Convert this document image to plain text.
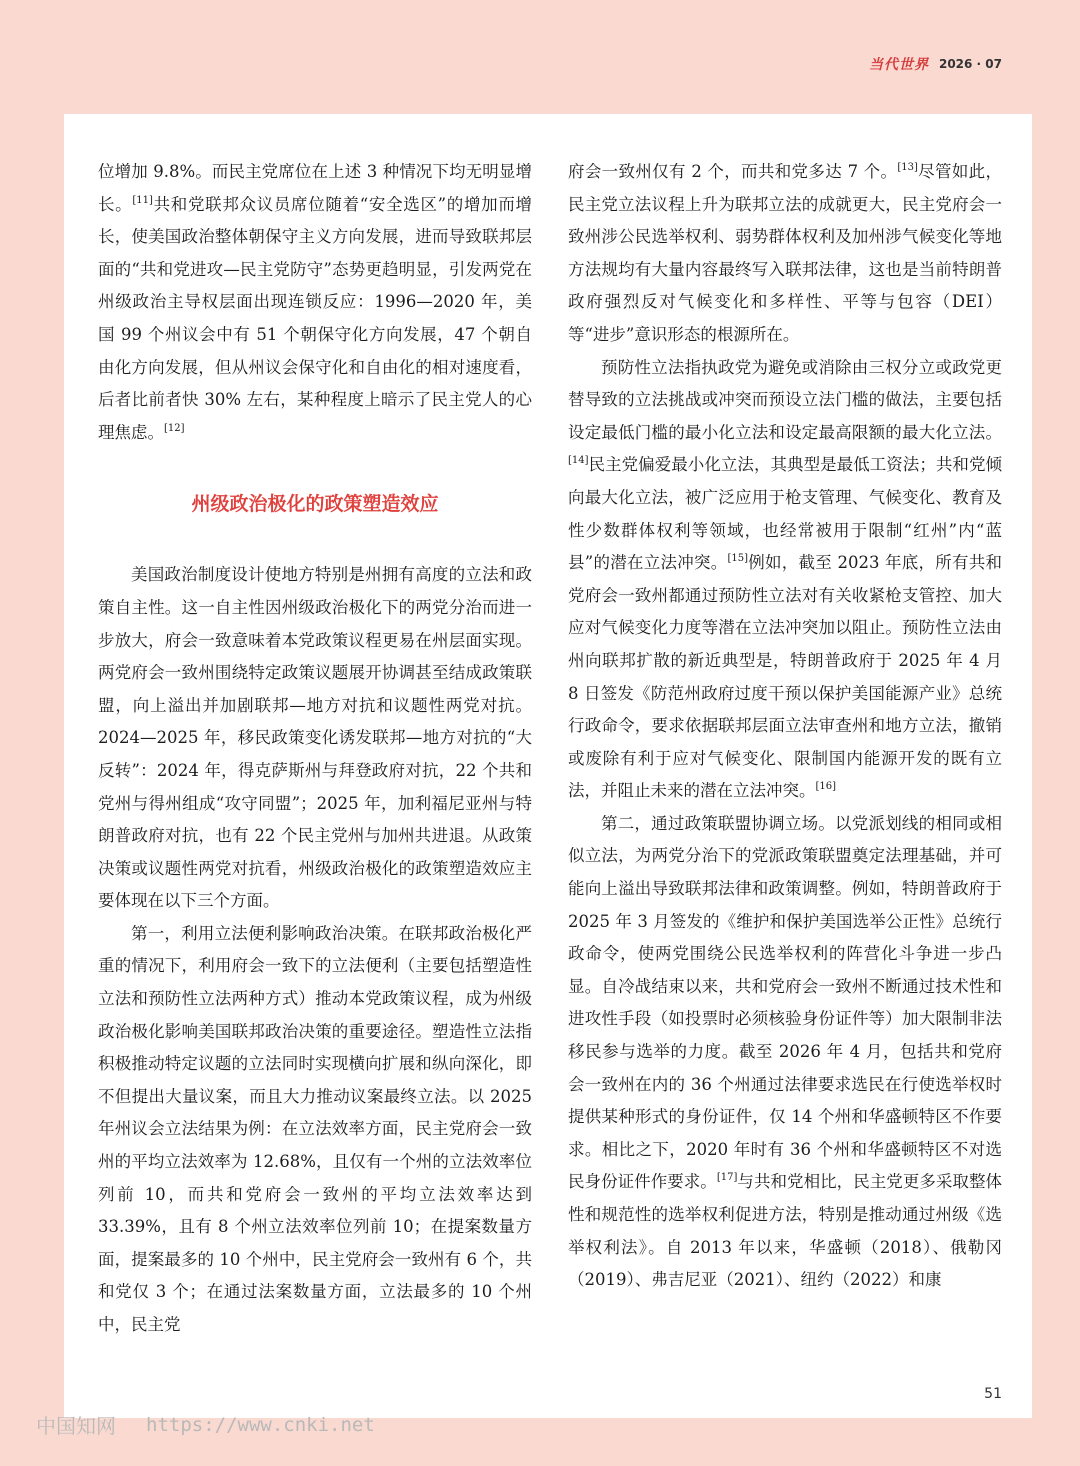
当代世界 2026 · 07

位增加 9.8%。而民主党席位在上述 3 种情况下均无明显增长。[11]共和党联邦众议员席位随着“安全选区”的增加而增长，使美国政治整体朝保守主义方向发展，进而导致联邦层面的“共和党进攻—民主党防守”态势更趋明显，引发两党在州级政治主导权层面出现连锁反应：1996—2020 年，美国 99 个州议会中有 51 个朝保守化方向发展，47 个朝自由化方向发展，但从州议会保守化和自由化的相对速度看，后者比前者快 30% 左右，某种程度上暗示了民主党人的心理焦虑。[12]

州级政治极化的政策塑造效应

美国政治制度设计使地方特别是州拥有高度的立法和政策自主性。这一自主性因州级政治极化下的两党分治而进一步放大，府会一致意味着本党政策议程更易在州层面实现。两党府会一致州围绕特定政策议题展开协调甚至结成政策联盟，向上溢出并加剧联邦—地方对抗和议题性两党对抗。2024—2025 年，移民政策变化诱发联邦—地方对抗的“大反转”：2024 年，得克萨斯州与拜登政府对抗，22 个共和党州与得州组成“攻守同盟”；2025 年，加利福尼亚州与特朗普政府对抗，也有 22 个民主党州与加州共进退。从政策决策或议题性两党对抗看，州级政治极化的政策塑造效应主要体现在以下三个方面。

第一，利用立法便利影响政治决策。在联邦政治极化严重的情况下，利用府会一致下的立法便利（主要包括塑造性立法和预防性立法两种方式）推动本党政策议程，成为州级政治极化影响美国联邦政治决策的重要途径。塑造性立法指积极推动特定议题的立法同时实现横向扩展和纵向深化，即不但提出大量议案，而且大力推动议案最终立法。以 2025 年州议会立法结果为例：在立法效率方面，民主党府会一致州的平均立法效率为 12.68%，且仅有一个州的立法效率位列前 10，而共和党府会一致州的平均立法效率达到 33.39%，且有 8 个州立法效率位列前 10；在提案数量方面，提案最多的 10 个州中，民主党府会一致州有 6 个，共和党仅 3 个；在通过法案数量方面，立法最多的 10 个州中，民主党

府会一致州仅有 2 个，而共和党多达 7 个。[13]尽管如此，民主党立法议程上升为联邦立法的成就更大，民主党府会一致州涉公民选举权利、弱势群体权利及加州涉气候变化等地方法规均有大量内容最终写入联邦法律，这也是当前特朗普政府强烈反对气候变化和多样性、平等与包容（DEI）等“进步”意识形态的根源所在。

预防性立法指执政党为避免或消除由三权分立或政党更替导致的立法挑战或冲突而预设立法门槛的做法，主要包括设定最低门槛的最小化立法和设定最高限额的最大化立法。[14]民主党偏爱最小化立法，其典型是最低工资法；共和党倾向最大化立法，被广泛应用于枪支管理、气候变化、教育及性少数群体权利等领域，也经常被用于限制“红州”内“蓝县”的潜在立法冲突。[15]例如，截至 2023 年底，所有共和党府会一致州都通过预防性立法对有关收紧枪支管控、加大应对气候变化力度等潜在立法冲突加以阻止。预防性立法由州向联邦扩散的新近典型是，特朗普政府于 2025 年 4 月 8 日签发《防范州政府过度干预以保护美国能源产业》总统行政命令，要求依据联邦层面立法审查州和地方立法，撤销或废除有利于应对气候变化、限制国内能源开发的既有立法，并阻止未来的潜在立法冲突。[16]

第二，通过政策联盟协调立场。以党派划线的相同或相似立法，为两党分治下的党派政策联盟奠定法理基础，并可能向上溢出导致联邦法律和政策调整。例如，特朗普政府于 2025 年 3 月签发的《维护和保护美国选举公正性》总统行政命令，使两党围绕公民选举权利的阵营化斗争进一步凸显。自冷战结束以来，共和党府会一致州不断通过技术性和进攻性手段（如投票时必须核验身份证件等）加大限制非法移民参与选举的力度。截至 2026 年 4 月，包括共和党府会一致州在内的 36 个州通过法律要求选民在行使选举权时提供某种形式的身份证件，仅 14 个州和华盛顿特区不作要求。相比之下，2020 年时有 36 个州和华盛顿特区不对选民身份证件作要求。[17]与共和党相比，民主党更多采取整体性和规范性的选举权利促进方法，特别是推动通过州级《选举权利法》。自 2013 年以来，华盛顿（2018）、俄勒冈（2019）、弗吉尼亚（2021）、纽约（2022）和康

51
中国知网 https://www.cnki.net
